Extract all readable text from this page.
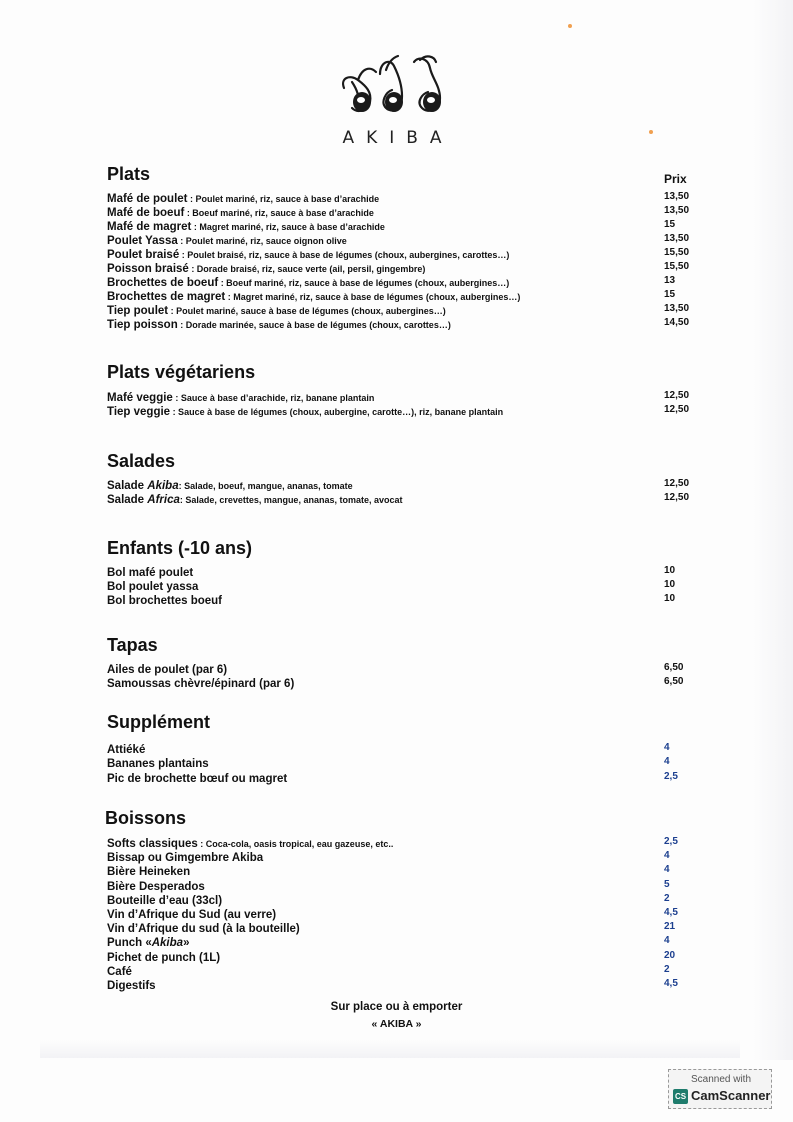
AKIBA
Plats	Prix
Mafé de poulet : Poulet mariné, riz, sauce à base d’arachide	13,50
Mafé de boeuf : Boeuf mariné, riz, sauce à base d’arachide	13,50
Mafé de magret : Magret mariné, riz, sauce à base d’arachide	15
Poulet Yassa : Poulet mariné, riz, sauce oignon olive	13,50
Poulet braisé : Poulet braisé, riz, sauce à base de légumes (choux, aubergines, carottes…)	15,50
Poisson braisé : Dorade braisé, riz, sauce verte (ail, persil, gingembre)	15,50
Brochettes de boeuf : Boeuf mariné, riz, sauce à base de légumes (choux, aubergines…)	13
Brochettes de magret : Magret mariné, riz, sauce à base de légumes (choux, aubergines…)	15
Tiep poulet : Poulet mariné, sauce à base de légumes (choux, aubergines…)	13,50
Tiep poisson : Dorade marinée, sauce à base de légumes (choux, carottes…)	14,50
Plats végétariens
Mafé veggie : Sauce à base d’arachide, riz, banane plantain	12,50
Tiep veggie : Sauce à base de légumes (choux, aubergine, carotte…), riz, banane plantain	12,50
Salades
Salade Akiba: Salade, boeuf, mangue, ananas, tomate	12,50
Salade Africa: Salade, crevettes, mangue, ananas, tomate, avocat	12,50
Enfants (-10 ans)
Bol mafé poulet	10
Bol poulet yassa	10
Bol brochettes boeuf	10
Tapas
Ailes de poulet (par 6)	6,50
Samoussas chèvre/épinard (par 6)	6,50
Supplément
Attiéké	4
Bananes plantains	4
Pic de brochette bœuf ou magret	2,5
Boissons
Softs classiques : Coca-cola, oasis tropical, eau gazeuse, etc..	2,5
Bissap ou Gimgembre Akiba	4
Bière Heineken	4
Bière Desperados	5
Bouteille d’eau (33cl)	2
Vin d’Afrique du Sud (au verre)	4,5
Vin d’Afrique du sud (à la bouteille)	21
Punch «Akiba»	4
Pichet de punch (1L)	20
Café	2
Digestifs	4,5
Sur place ou à emporter
« AKIBA »
Scanned with
CS CamScanner
